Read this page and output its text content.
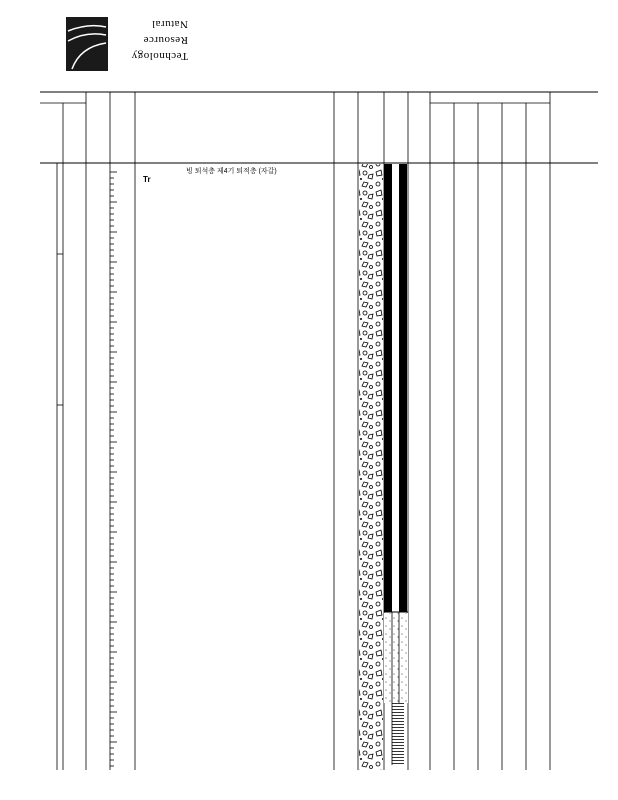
Technology
Resource
Natural
Tr
빙 퇴석층 제4기 퇴적층 (자갈)
